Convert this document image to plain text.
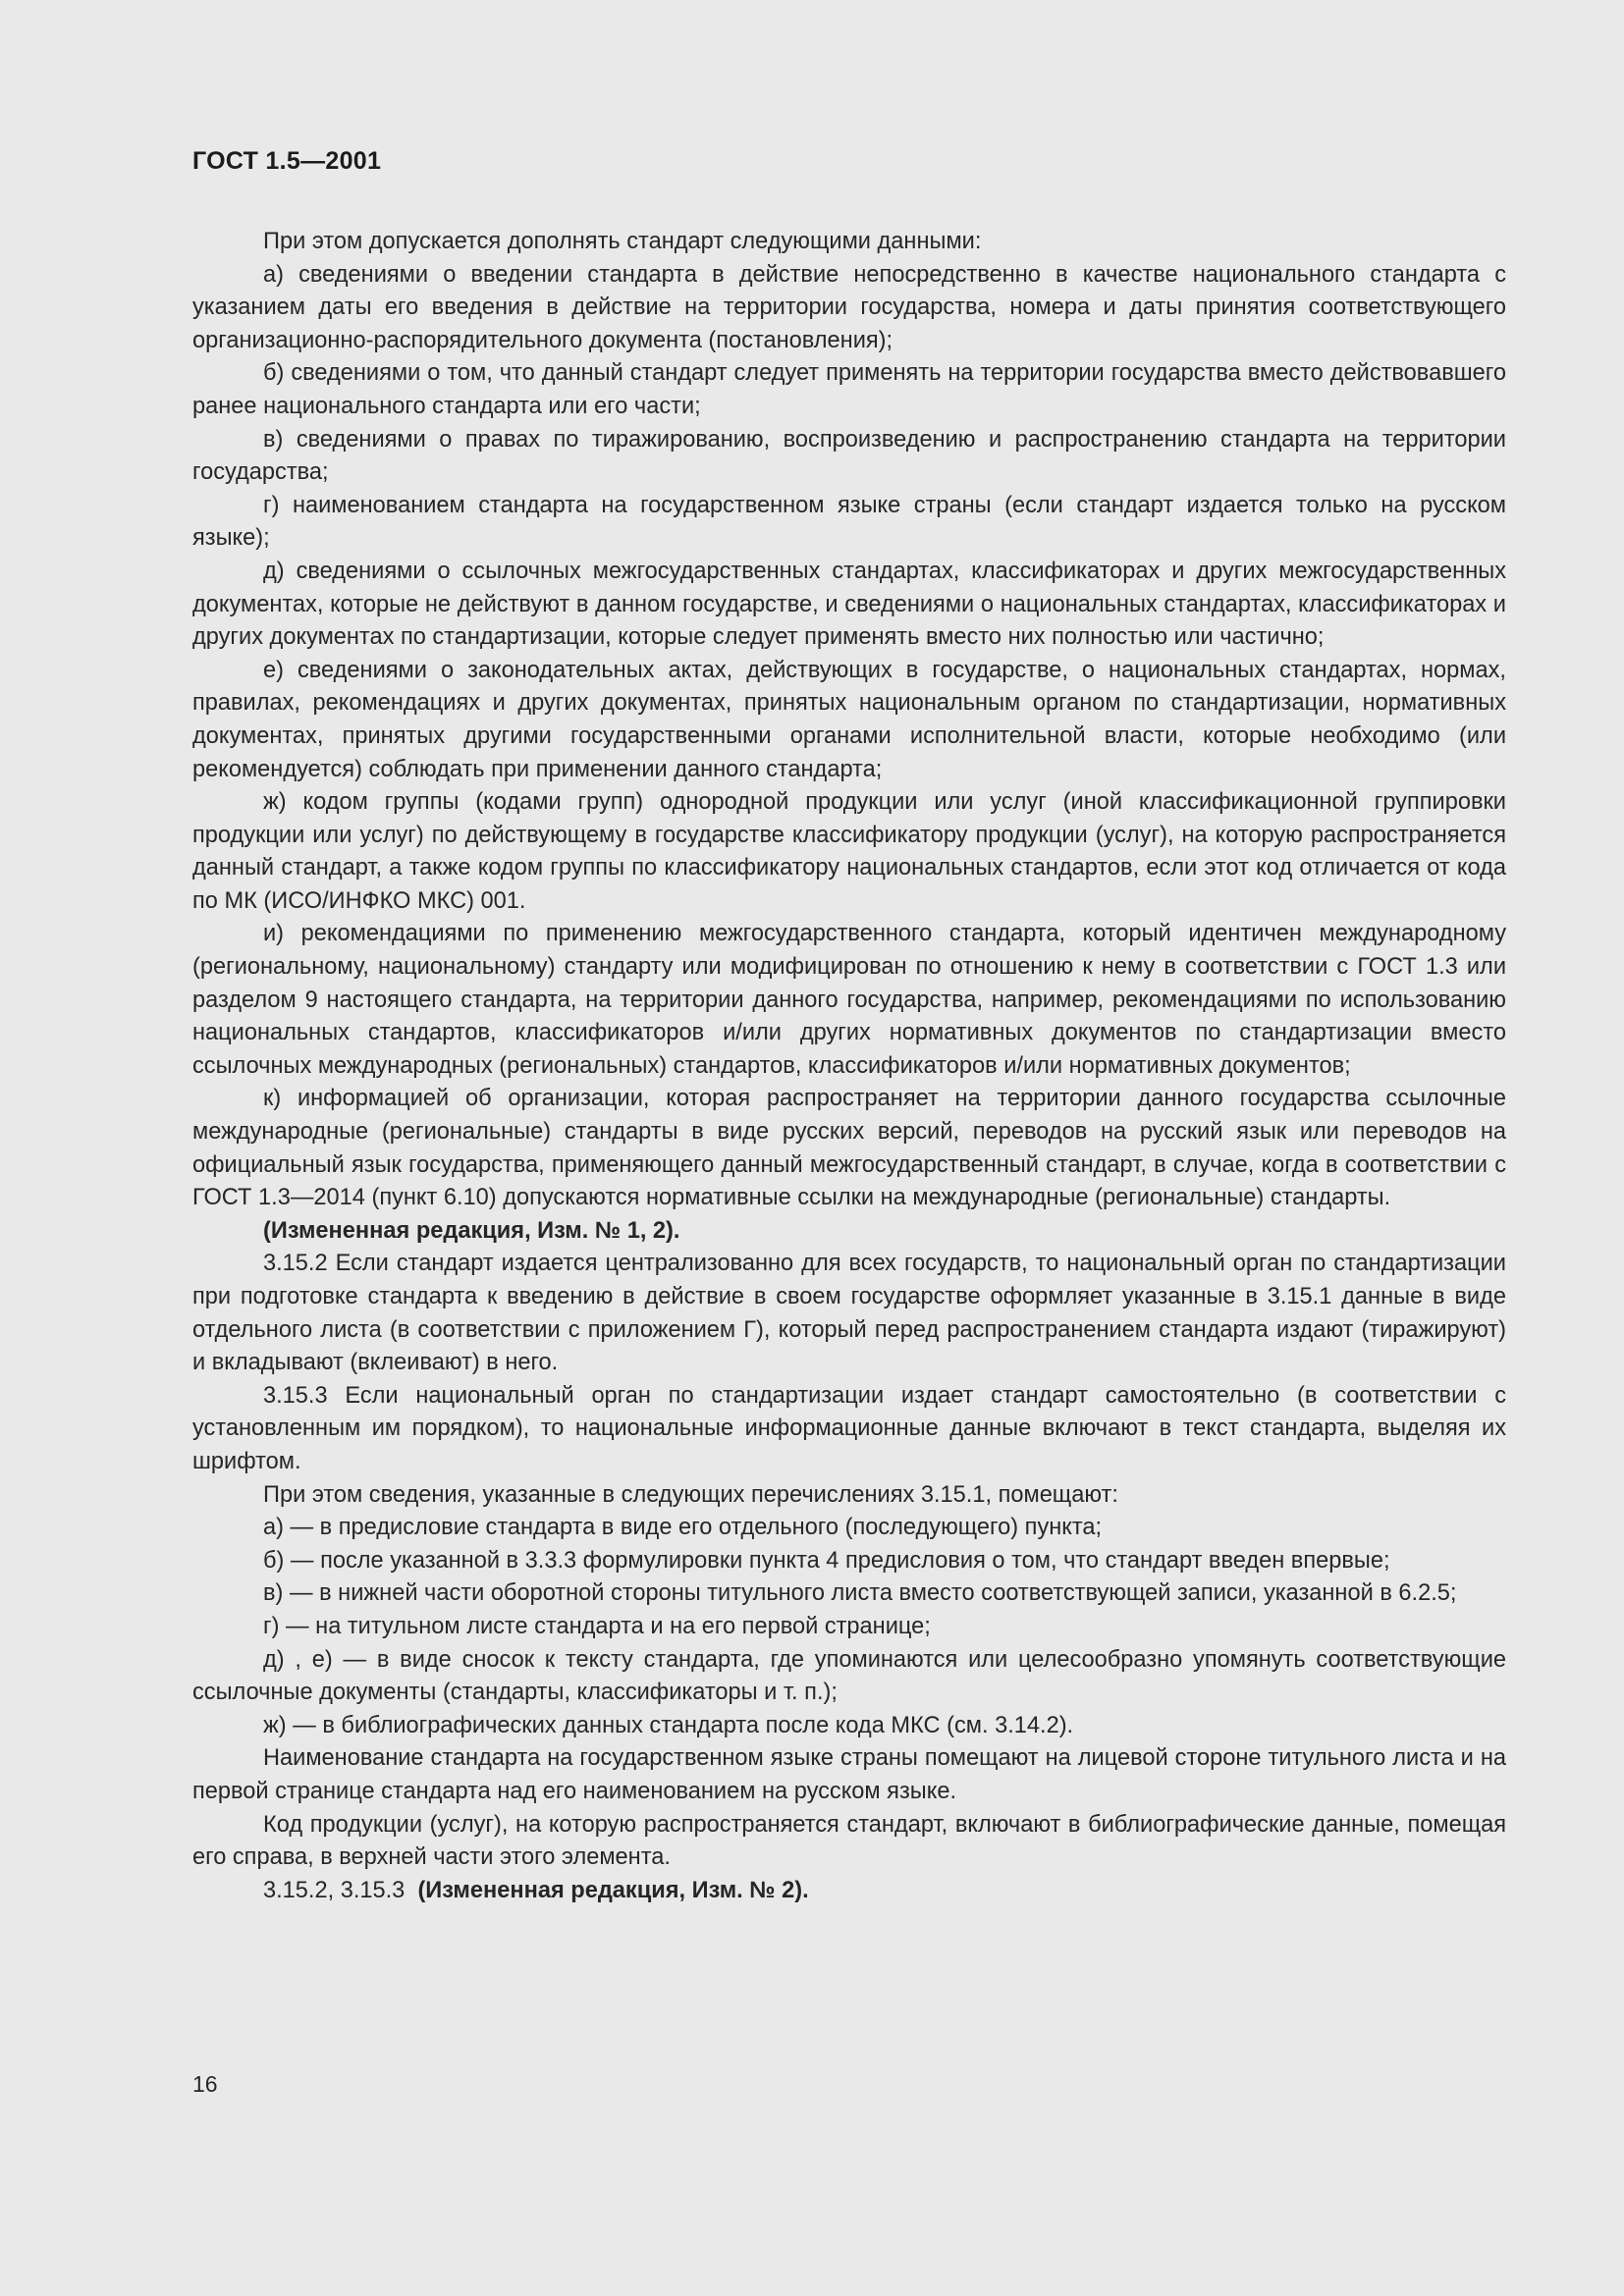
ГОСТ 1.5—2001

При этом допускается дополнять стандарт следующими данными:

а) сведениями о введении стандарта в действие непосредственно в качестве национального стандарта с указанием даты его введения в действие на территории государства, номера и даты принятия соответствующего организационно-распорядительного документа (постановления);

б) сведениями о том, что данный стандарт следует применять на территории государства вместо действовавшего ранее национального стандарта или его части;

в) сведениями о правах по тиражированию, воспроизведению и распространению стандарта на территории государства;

г) наименованием стандарта на государственном языке страны (если стандарт издается только на русском языке);

д) сведениями о ссылочных межгосударственных стандартах, классификаторах и других межгосударственных документах, которые не действуют в данном государстве, и сведениями о национальных стандартах, классификаторах и других документах по стандартизации, которые следует применять вместо них полностью или частично;

е) сведениями о законодательных актах, действующих в государстве, о национальных стандартах, нормах, правилах, рекомендациях и других документах, принятых национальным органом по стандартизации, нормативных документах, принятых другими государственными органами исполнительной власти, которые необходимо (или рекомендуется) соблюдать при применении данного стандарта;

ж) кодом группы (кодами групп) однородной продукции или услуг (иной классификационной группировки продукции или услуг) по действующему в государстве классификатору продукции (услуг), на которую распространяется данный стандарт, а также кодом группы по классификатору национальных стандартов, если этот код отличается от кода по МК (ИСО/ИНФКО МКС) 001.

и) рекомендациями по применению межгосударственного стандарта, который идентичен международному (региональному, национальному) стандарту или модифицирован по отношению к нему в соответствии с ГОСТ 1.3 или разделом 9 настоящего стандарта, на территории данного государства, например, рекомендациями по использованию национальных стандартов, классификаторов и/или других нормативных документов по стандартизации вместо ссылочных международных (региональных) стандартов, классификаторов и/или нормативных документов;

к) информацией об организации, которая распространяет на территории данного государства ссылочные международные (региональные) стандарты в виде русских версий, переводов на русский язык или переводов на официальный язык государства, применяющего данный межгосударственный стандарт, в случае, когда в соответствии с ГОСТ 1.3—2014 (пункт 6.10) допускаются нормативные ссылки на международные (региональные) стандарты.

(Измененная редакция, Изм. № 1, 2).

3.15.2 Если стандарт издается централизованно для всех государств, то национальный орган по стандартизации при подготовке стандарта к введению в действие в своем государстве оформляет указанные в 3.15.1 данные в виде отдельного листа (в соответствии с приложением Г), который перед распространением стандарта издают (тиражируют) и вкладывают (вклеивают) в него.

3.15.3 Если национальный орган по стандартизации издает стандарт самостоятельно (в соответствии с установленным им порядком), то национальные информационные данные включают в текст стандарта, выделяя их шрифтом.

При этом сведения, указанные в следующих перечислениях 3.15.1, помещают:

а) — в предисловие стандарта в виде его отдельного (последующего) пункта;

б) — после указанной в 3.3.3 формулировки пункта 4 предисловия о том, что стандарт введен впервые;

в) — в нижней части оборотной стороны титульного листа вместо соответствующей записи, указанной в 6.2.5;

г) — на титульном листе стандарта и на его первой странице;

д) , е) — в виде сносок к тексту стандарта, где упоминаются или целесообразно упомянуть соответствующие ссылочные документы (стандарты, классификаторы и т. п.);

ж) — в библиографических данных стандарта после кода МКС (см. 3.14.2).

Наименование стандарта на государственном языке страны помещают на лицевой стороне титульного листа и на первой странице стандарта над его наименованием на русском языке.

Код продукции (услуг), на которую распространяется стандарт, включают в библиографические данные, помещая его справа, в верхней части этого элемента.

3.15.2, 3.15.3 (Измененная редакция, Изм. № 2).

16
